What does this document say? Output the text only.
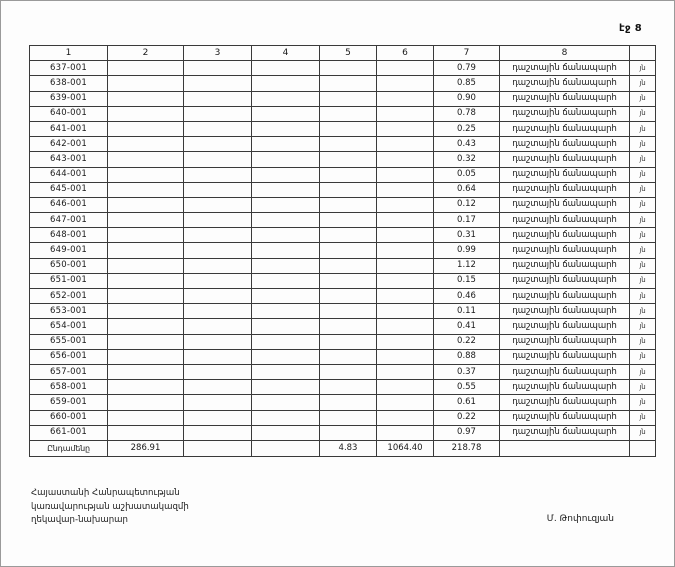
էջ 8
1	2	3	4	5	6	7	8	
637-001						0.79	դաշտային ճանապարհ	յն
638-001						0.85	դաշտային ճանապարհ	յն
639-001						0.90	դաշտային ճանապարհ	յն
640-001						0.78	դաշտային ճանապարհ	յն
641-001						0.25	դաշտային ճանապարհ	յն
642-001						0.43	դաշտային ճանապարհ	յն
643-001						0.32	դաշտային ճանապարհ	յն
644-001						0.05	դաշտային ճանապարհ	յն
645-001						0.64	դաշտային ճանապարհ	յն
646-001						0.12	դաշտային ճանապարհ	յն
647-001						0.17	դաշտային ճանապարհ	յն
648-001						0.31	դաշտային ճանապարհ	յն
649-001						0.99	դաշտային ճանապարհ	յն
650-001						1.12	դաշտային ճանապարհ	յն
651-001						0.15	դաշտային ճանապարհ	յն
652-001						0.46	դաշտային ճանապարհ	յն
653-001						0.11	դաշտային ճանապարհ	յն
654-001						0.41	դաշտային ճանապարհ	յն
655-001						0.22	դաշտային ճանապարհ	յն
656-001						0.88	դաշտային ճանապարհ	յն
657-001						0.37	դաշտային ճանապարհ	յն
658-001						0.55	դաշտային ճանապարհ	յն
659-001						0.61	դաշտային ճանապարհ	յն
660-001						0.22	դաշտային ճանապարհ	յն
661-001						0.97	դաշտային ճանապարհ	յն
Ընդամենը	286.91			4.83	1064.40	218.78		
Հայաստանի Հանրապետության
կառավարության աշխատակազմի
ղեկավար-նախարար	Մ. Թոփուզյան
